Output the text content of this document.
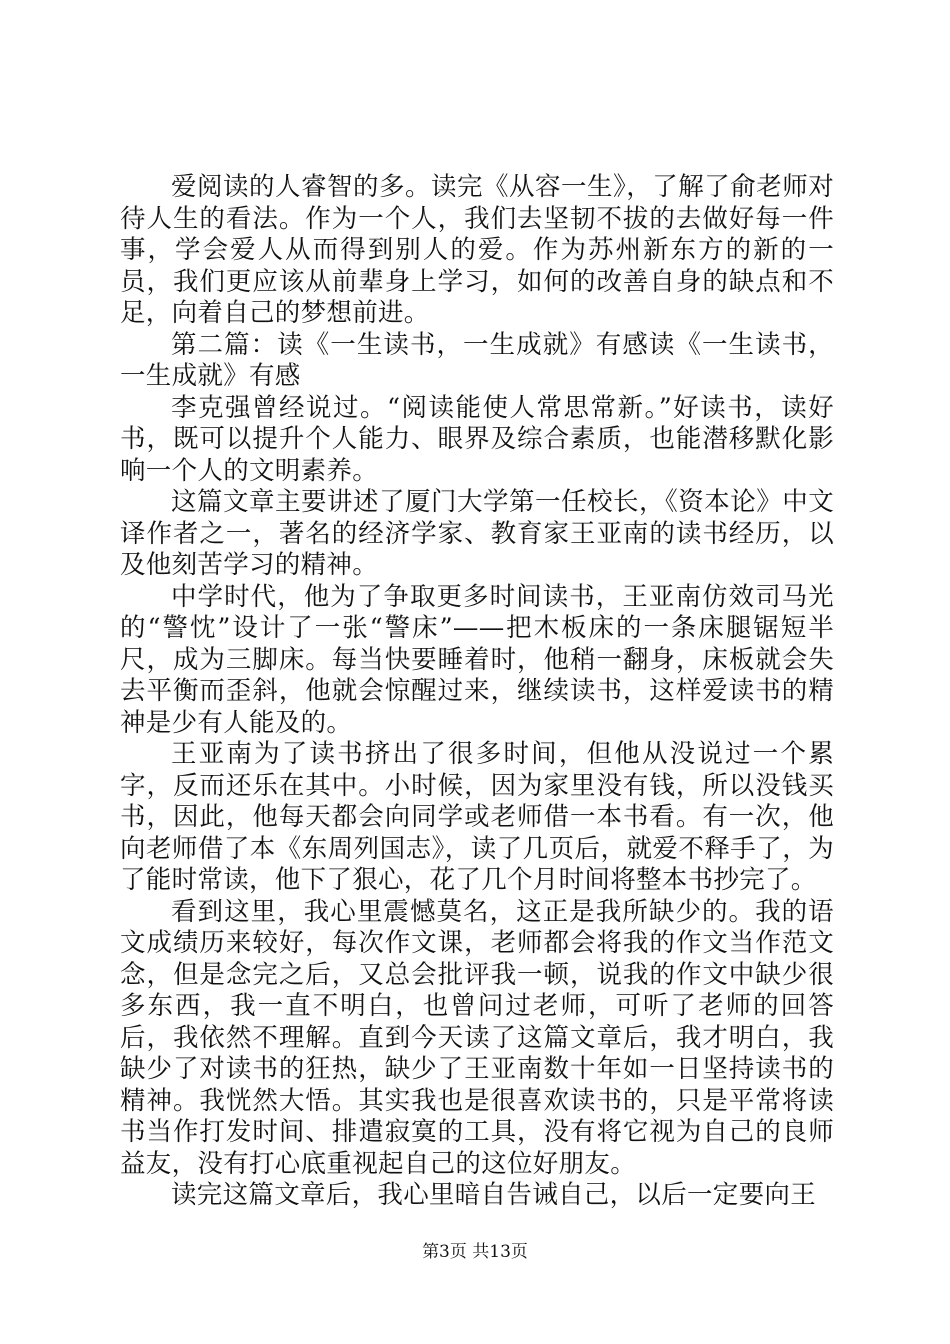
爱阅读的人睿智的多。读完《从容一生》，了解了俞老师对待人生的看法。作为一个人，我们去坚韧不拔的去做好每一件事，学会爱人从而得到别人的爱。作为苏州新东方的新的一员，我们更应该从前辈身上学习，如何的改善自身的缺点和不足，向着自己的梦想前进。

第二篇：读《一生读书，一生成就》有感读《一生读书，一生成就》有感

李克强曾经说过。“阅读能使人常思常新。”好读书，读好书，既可以提升个人能力、眼界及综合素质，也能潜移默化影响一个人的文明素养。

这篇文章主要讲述了厦门大学第一任校长，《资本论》中文译作者之一，著名的经济学家、教育家王亚南的读书经历，以及他刻苦学习的精神。

中学时代，他为了争取更多时间读书，王亚南仿效司马光的“警忱”设计了一张“警床”——把木板床的一条床腿锯短半尺，成为三脚床。每当快要睡着时，他稍一翻身，床板就会失去平衡而歪斜，他就会惊醒过来，继续读书，这样爱读书的精神是少有人能及的。

王亚南为了读书挤出了很多时间，但他从没说过一个累字，反而还乐在其中。小时候，因为家里没有钱，所以没钱买书，因此，他每天都会向同学或老师借一本书看。有一次，他向老师借了本《东周列国志》，读了几页后，就爱不释手了，为了能时常读，他下了狠心，花了几个月时间将整本书抄完了。

看到这里，我心里震憾莫名，这正是我所缺少的。我的语文成绩历来较好，每次作文课，老师都会将我的作文当作范文念，但是念完之后，又总会批评我一顿，说我的作文中缺少很多东西，我一直不明白，也曾问过老师，可听了老师的回答后，我依然不理解。直到今天读了这篇文章后，我才明白，我缺少了对读书的狂热，缺少了王亚南数十年如一日坚持读书的精神。我恍然大悟。其实我也是很喜欢读书的，只是平常将读书当作打发时间、排遣寂寞的工具，没有将它视为自己的良师益友，没有打心底重视起自己的这位好朋友。

读完这篇文章后，我心里暗自告诫自己，以后一定要向王

第3页 共13页
